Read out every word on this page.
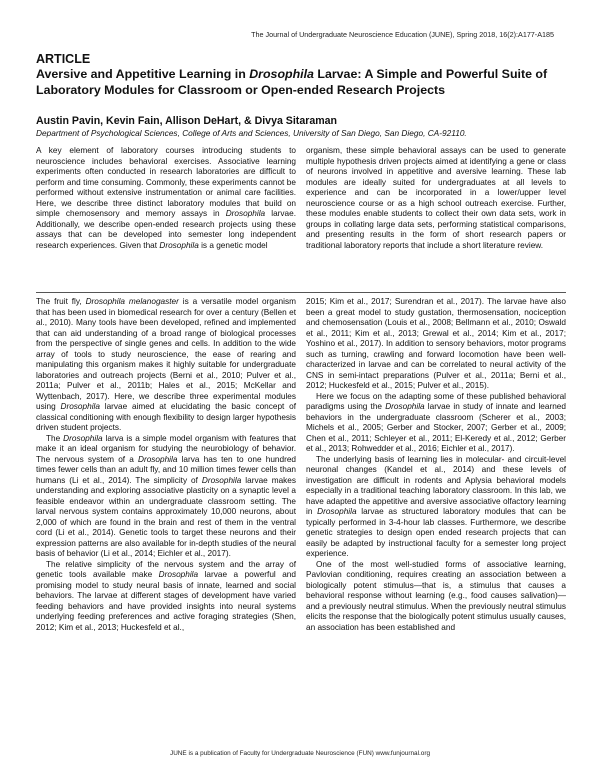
The Journal of Undergraduate Neuroscience Education (JUNE), Spring 2018, 16(2):A177-A185
ARTICLE
Aversive and Appetitive Learning in Drosophila Larvae: A Simple and Powerful Suite of Laboratory Modules for Classroom or Open-ended Research Projects
Austin Pavin, Kevin Fain, Allison DeHart, & Divya Sitaraman
Department of Psychological Sciences, College of Arts and Sciences, University of San Diego, San Diego, CA-92110.

A key element of laboratory courses introducing students to neuroscience includes behavioral exercises. Associative learning experiments often conducted in research laboratories are difficult to perform and time consuming. Commonly, these experiments cannot be performed without extensive instrumentation or animal care facilities. Here, we describe three distinct laboratory modules that build on simple chemosensory and memory assays in Drosophila larvae. Additionally, we describe open-ended research projects using these assays that can be developed into semester long independent research experiences. Given that Drosophila is a genetic model

organism, these simple behavioral assays can be used to generate multiple hypothesis driven projects aimed at identifying a gene or class of neurons involved in appetitive and aversive learning. These lab modules are ideally suited for undergraduates at all levels to experience and can be incorporated in a lower/upper level neuroscience course or as a high school outreach exercise. Further, these modules enable students to collect their own data sets, work in groups in collating large data sets, performing statistical comparisons, and presenting results in the form of short research papers or traditional laboratory reports that include a short literature review.

The fruit fly, Drosophila melanogaster is a versatile model organism that has been used in biomedical research for over a century (Bellen et al., 2010). Many tools have been developed, refined and implemented that can aid understanding of a broad range of biological processes from the perspective of single genes and cells. In addition to the wide array of tools to study neuroscience, the ease of rearing and manipulating this organism makes it highly suitable for undergraduate laboratories and outreach projects (Berni et al., 2010; Pulver et al., 2011a; Pulver et al., 2011b; Hales et al., 2015; McKellar and Wyttenbach, 2017). Here, we describe three experimental modules using Drosophila larvae aimed at elucidating the basic concept of classical conditioning with enough flexibility to design larger hypothesis driven student projects.

The Drosophila larva is a simple model organism with features that make it an ideal organism for studying the neurobiology of behavior. The nervous system of a Drosophila larva has ten to one hundred times fewer cells than an adult fly, and 10 million times fewer cells than humans (Li et al., 2014). The simplicity of Drosophila larvae makes understanding and exploring associative plasticity on a synaptic level a feasible endeavor within an undergraduate classroom setting. The larval nervous system contains approximately 10,000 neurons, about 2,000 of which are found in the brain and rest of them in the ventral cord (Li et al., 2014). Genetic tools to target these neurons and their expression patterns are also available for in-depth studies of the neural basis of behavior (Li et al., 2014; Eichler et al., 2017).

The relative simplicity of the nervous system and the array of genetic tools available make Drosophila larvae a powerful and promising model to study neural basis of innate, learned and social behaviors. The larvae at different stages of development have varied feeding behaviors and have provided insights into neural systems underlying feeding preferences and active foraging strategies (Shen, 2012; Kim et al., 2013; Huckesfeld et al.,

2015; Kim et al., 2017; Surendran et al., 2017). The larvae have also been a great model to study gustation, thermosensation, nociception and chemosensation (Louis et al., 2008; Bellmann et al., 2010; Oswald et al., 2011; Kim et al., 2013; Grewal et al., 2014; Kim et al., 2017; Yoshino et al., 2017). In addition to sensory behaviors, motor programs such as turning, crawling and forward locomotion have been well-characterized in larvae and can be correlated to neural activity of the CNS in semi-intact preparations (Pulver et al., 2011a; Berni et al., 2012; Huckesfeld et al., 2015; Pulver et al., 2015).

Here we focus on the adapting some of these published behavioral paradigms using the Drosophila larvae in study of innate and learned behaviors in the undergraduate classroom (Scherer et al., 2003; Michels et al., 2005; Gerber and Stocker, 2007; Gerber et al., 2009; Chen et al., 2011; Schleyer et al., 2011; El-Keredy et al., 2012; Gerber et al., 2013; Rohwedder et al., 2016; Eichler et al., 2017).

The underlying basis of learning lies in molecular- and circuit-level neuronal changes (Kandel et al., 2014) and these levels of investigation are difficult in rodents and Aplysia behavioral models especially in a traditional teaching laboratory classroom. In this lab, we have adapted the appetitive and aversive associative olfactory learning in Drosophila larvae as structured laboratory modules that can be typically performed in 3-4-hour lab classes. Furthermore, we describe genetic strategies to design open ended research projects that can easily be adapted by instructional faculty for a semester long project experience.

One of the most well-studied forms of associative learning, Pavlovian conditioning, requires creating an association between a biologically potent stimulus—that is, a stimulus that causes a behavioral response without learning (e.g., food causes salivation)—and a previously neutral stimulus. When the previously neutral stimulus elicits the response that the biologically potent stimulus usually causes, an association has been established and

JUNE is a publication of Faculty for Undergraduate Neuroscience (FUN) www.funjournal.org
